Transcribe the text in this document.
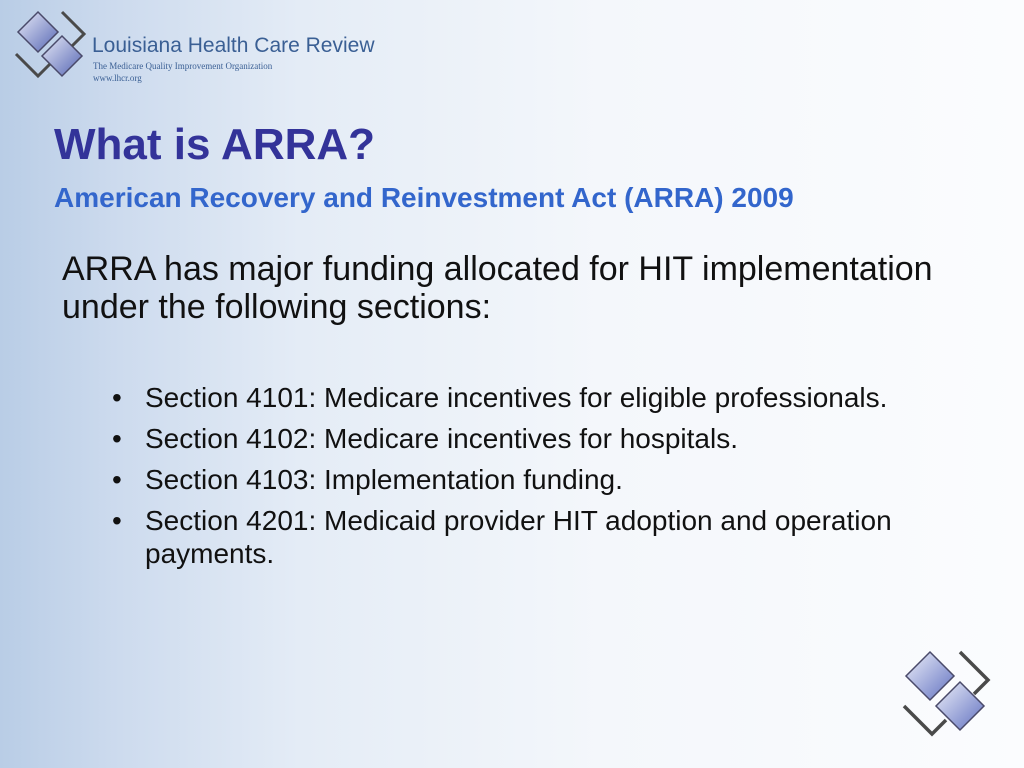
Louisiana Health Care Review

The Medicare Quality Improvement Organization

www.lhcr.org

What is ARRA?
American Recovery and Reinvestment Act (ARRA) 2009

ARRA has major funding allocated for HIT implementation under the following sections:

• Section 4101: Medicare incentives for eligible professionals.
• Section 4102: Medicare incentives for hospitals.
• Section 4103: Implementation funding.
• Section 4201: Medicaid provider HIT adoption and operation payments.
